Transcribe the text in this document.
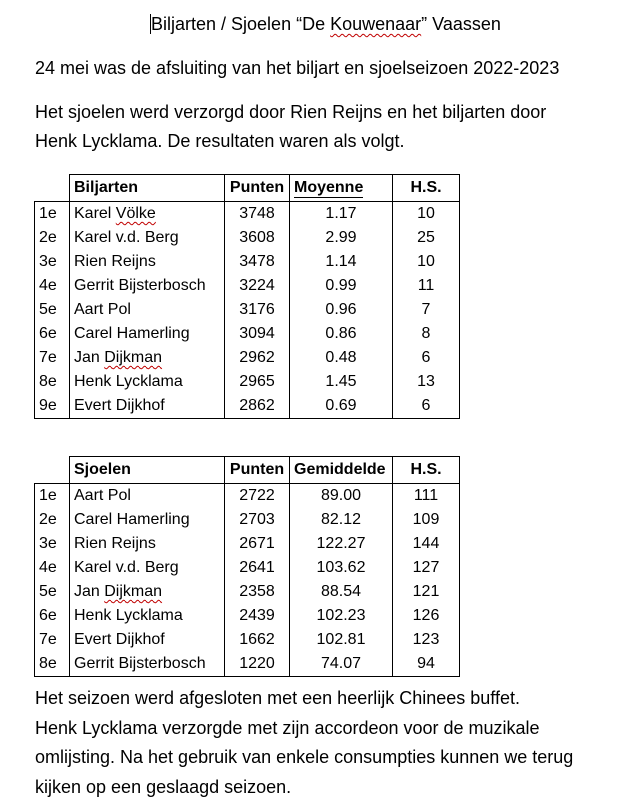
Biljarten / Sjoelen “De Kouwenaar” Vaassen
24 mei was de afsluiting van het biljart en sjoelseizoen 2022-2023
Het sjoelen werd verzorgd door Rien Reijns en het biljarten door
Henk Lycklama. De resultaten waren als volgt.
	Biljarten	Punten	Moyenne	H.S.
1e	Karel Völke	3748	1.17	10
2e	Karel v.d. Berg	3608	2.99	25
3e	Rien Reijns	3478	1.14	10
4e	Gerrit Bijsterbosch	3224	0.99	11
5e	Aart Pol	3176	0.96	7
6e	Carel Hamerling	3094	0.86	8
7e	Jan Dijkman	2962	0.48	6
8e	Henk Lycklama	2965	1.45	13
9e	Evert Dijkhof	2862	0.69	6
	Sjoelen	Punten	Gemiddelde	H.S.
1e	Aart Pol	2722	89.00	111
2e	Carel Hamerling	2703	82.12	109
3e	Rien Reijns	2671	122.27	144
4e	Karel v.d. Berg	2641	103.62	127
5e	Jan Dijkman	2358	88.54	121
6e	Henk Lycklama	2439	102.23	126
7e	Evert Dijkhof	1662	102.81	123
8e	Gerrit Bijsterbosch	1220	74.07	94
Het seizoen werd afgesloten met een heerlijk Chinees buffet.
Henk Lycklama verzorgde met zijn accordeon voor de muzikale
omlijsting. Na het gebruik van enkele consumpties kunnen we terug
kijken op een geslaagd seizoen.
